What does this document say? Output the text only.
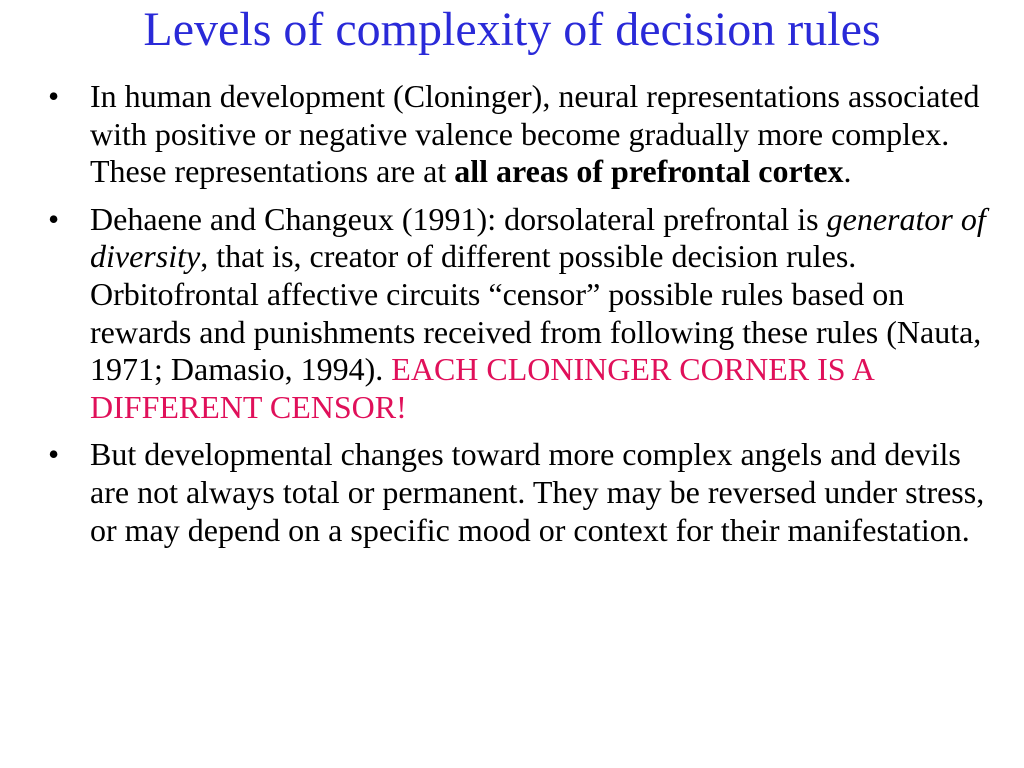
Levels of complexity of decision rules
• In human development (Cloninger), neural representations associated with positive or negative valence become gradually more complex. These representations are at all areas of prefrontal cortex.
• Dehaene and Changeux (1991): dorsolateral prefrontal is generator of diversity, that is, creator of different possible decision rules. Orbitofrontal affective circuits “censor” possible rules based on rewards and punishments received from following these rules (Nauta, 1971; Damasio, 1994). EACH CLONINGER CORNER IS A DIFFERENT CENSOR!
• But developmental changes toward more complex angels and devils are not always total or permanent. They may be reversed under stress, or may depend on a specific mood or context for their manifestation.
